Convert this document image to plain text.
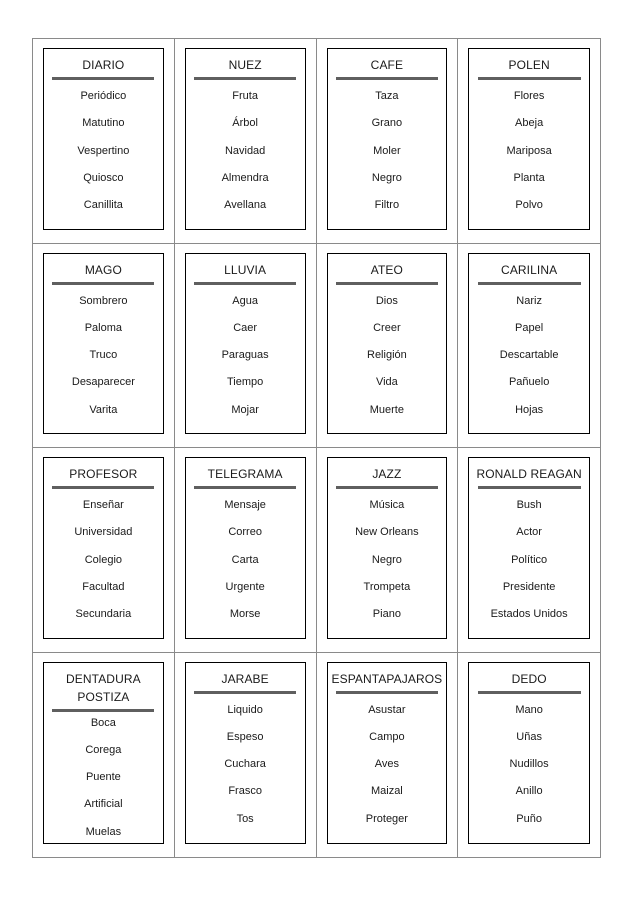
DIARIO
Periódico
Matutino
Vespertino
Quiosco
Canillita
NUEZ
Fruta
Árbol
Navidad
Almendra
Avellana
CAFE
Taza
Grano
Moler
Negro
Filtro
POLEN
Flores
Abeja
Mariposa
Planta
Polvo
MAGO
Sombrero
Paloma
Truco
Desaparecer
Varita
LLUVIA
Agua
Caer
Paraguas
Tiempo
Mojar
ATEO
Dios
Creer
Religión
Vida
Muerte
CARILINA
Nariz
Papel
Descartable
Pañuelo
Hojas
PROFESOR
Enseñar
Universidad
Colegio
Facultad
Secundaria
TELEGRAMA
Mensaje
Correo
Carta
Urgente
Morse
JAZZ
Música
New Orleans
Negro
Trompeta
Piano
RONALD REAGAN
Bush
Actor
Político
Presidente
Estados Unidos
DENTADURA POSTIZA
Boca
Corega
Puente
Artificial
Muelas
JARABE
Liquido
Espeso
Cuchara
Frasco
Tos
ESPANTAPAJAROS
Asustar
Campo
Aves
Maizal
Proteger
DEDO
Mano
Uñas
Nudillos
Anillo
Puño
